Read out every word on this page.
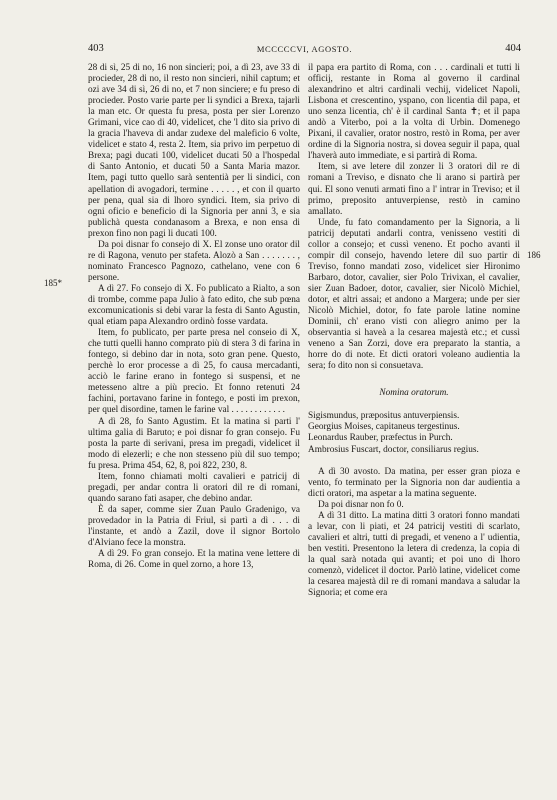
403	MCCCCCVI, AGOSTO.	404
185*
186

28 di sì, 25 di no, 16 non sincieri; poi, a dì 23, ave 33 di procieder, 28 di no, il resto non sincieri, nihil captum; et ozi ave 34 di sì, 26 di no, et 7 non sinciere; e fu preso di procieder. Posto varie parte per li syndici a Brexa, tajarli la man etc. Or questa fu presa, posta per sier Lorenzo Grimani, vice cao di 40, videlicet, che 'l dito sia privo di la gracia l'haveva di andar zudexe del maleficio 6 volte, videlicet e stato 4, resta 2. Item, sia privo im perpetuo di Brexa; pagi ducati 100, videlicet ducati 50 a l'hospedal di Santo Antonio, et ducati 50 a Santa Maria mazor. Item, pagi tutto quello sarà sententià per li sindici, con apellation di avogadori, termine . . . . . , et con il quarto per pena, qual sia di lhoro syndici. Item, sia privo di ogni oficio e beneficio di la Signoria per anni 3, e sia publichà questa condanasom a Brexa, e non ensa di prexon fino non pagi li ducati 100.

Da poi disnar fo consejo di X. El zonse uno orator dil re di Ragona, venuto per stafeta. Alozò a San . . . . . . . , nominato Francesco Pagnozo, cathelano, vene con 6 persone.

A dì 27. Fo consejo di X. Fo publicato a Rialto, a son di trombe, comme papa Julio à fato edito, che sub pœna excomunicationis si debi varar la festa di Santo Agustin, qual etiam papa Alexandro ordinò fosse vardata.

Item, fo publicato, per parte presa nel conseio di X, che tutti quelli hanno comprato più di stera 3 di farina in fontego, si debino dar in nota, soto gran pene. Questo, perchè lo eror processe a dì 25, fo causa mercadanti, acciò le farine erano in fontego si suspensi, et ne metesseno altre a più precio. Et fonno retenuti 24 fachini, portavano farine in fontego, e posti im prexon, per quel disordine, tamen le farine val . . . . . . . . . . . .

A dì 28, fo Santo Agustim. Et la matina si parti l' ultima galia di Baruto; e poi disnar fo gran consejo. Fu posta la parte di serivani, presa im pregadi, videlicet il modo di elezerli; e che non stesseno più dil suo tempo; fu presa. Prima 454, 62, 8, poi 822, 230, 8.

Item, fonno chiamati molti cavalieri e patricij di pregadi, per andar contra li oratori dil re di romani, quando sarano fati asaper, che debino andar.

È da saper, comme sier Zuan Paulo Gradenigo, va provedador in la Patria di Friul, si partì a dì . . . di l'instante, et andò a Zazil, dove il signor Bortolo d'Alviano fece la monstra.

A dì 29. Fo gran consejo. Et la matina vene lettere di Roma, di 26. Come in quel zorno, a hore 13,

il papa era partito di Roma, con . . . cardinali et tutti li officij, restante in Roma al governo il cardinal alexandrino et altri cardinali vechij, videlicet Napoli, Lisbona et crescentino, yspano, con licentia dil papa, et uno senza licentia, ch' è il cardinal Santa ✝; et il papa andò a Viterbo, poi a la volta di Urbin. Domenego Pixani, il cavalier, orator nostro, restò in Roma, per aver ordine di la Signoria nostra, si dovea seguir il papa, qual l'haverà auto immediate, e si partirà di Roma.

Item, si ave letere dil zonzer li 3 oratori dil re di romani a Treviso, e disnato che li arano si partirà per qui. El sono venuti armati fino a l' intrar in Treviso; et il primo, preposito antuverpiense, restò in camino amallato.

Unde, fu fato comandamento per la Signoria, a li patricij deputati andarli contra, venisseno vestiti di collor a consejo; et cussì veneno. Et pocho avanti il compir dil consejo, havendo letere dil suo partir di Treviso, fonno mandati zoso, videlicet sier Hironimo Barbaro, dotor, cavalier, sier Polo Trivixan, el cavalier, sier Zuan Badoer, dotor, cavalier, sier Nicolò Michiel, dotor, et altri assai; et andono a Margera; unde per sier Nicolò Michiel, dotor, fo fate parole latine nomine Dominii, ch' erano visti con aliegro animo per la observantia si haveà a la cesarea majestà etc.; et cussì veneno a San Zorzi, dove era preparato la stantia, a horre do di note. Et dicti oratori voleano audientia la sera; fo dito non si consuetava.

Nomina oratorum.

Sigismundus, præpositus antuverpiensis.
Georgius Moises, capitaneus tergestinus.
Leonardus Rauber, præfectus in Purch.
Ambrosius Fuscart, doctor, consiliarus regius.

A dì 30 avosto. Da matina, per esser gran pioza e vento, fo terminato per la Signoria non dar audientia a dicti oratori, ma aspetar a la matina seguente.

Da poi disnar non fo 0.

A dì 31 ditto. La matina ditti 3 oratori fonno mandati a levar, con li piati, et 24 patricij vestiti di scarlato, cavalieri et altri, tutti di pregadi, et veneno a l' udientia, ben vestiti. Presentono la letera di credenza, la copia di la qual sarà notada qui avanti; et poi uno di lhoro comenzò, videlicet il doctor. Parlò latine, videlicet come la cesarea majestà dil re di romani mandava a saludar la Signoria; et come era
